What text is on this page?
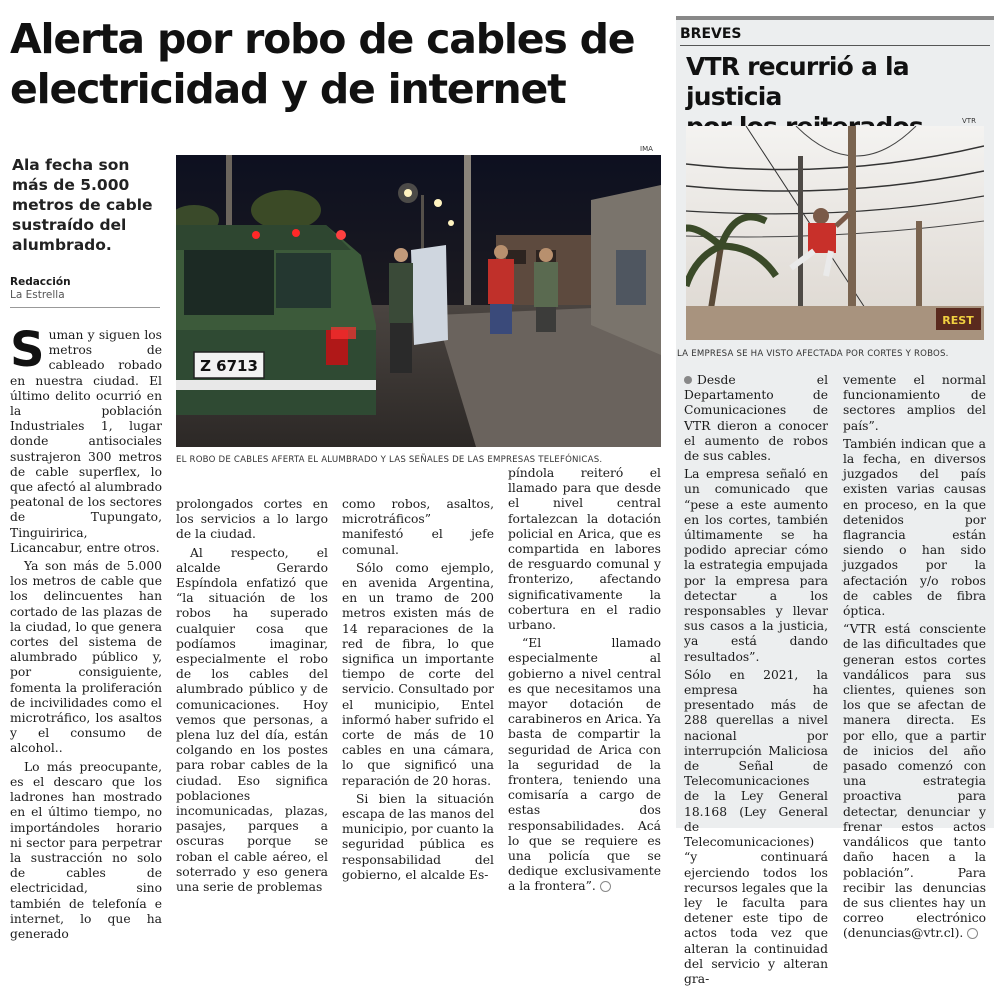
Alerta por robo de cables de
electricidad y de internet
Ala fecha son más de 5.000 metros de cable sustraído del alumbrado.
Redacción
La Estrella
IMA
Z 6713
EL ROBO DE CABLES AFERTA EL ALUMBRADO Y LAS SEÑALES DE LAS EMPRESAS TELEFÓNICAS.

Suman y siguen los metros de cableado robado en nuestra ciudad. El último delito ocurrió en la población Industriales 1, lugar donde antisociales sustrajeron 300 metros de cable superflex, lo que afectó al alumbrado peatonal de los sectores de Tupungato, Tinguiririca, Licancabur, entre otros.

Ya son más de 5.000 los metros de cable que los delincuentes han cortado de las plazas de la ciudad, lo que genera cortes del sistema de alumbrado público y, por consiguiente, fomenta la proliferación de incivilidades como el microtráfico, los asaltos y el consumo de alcohol..

Lo más preocupante, es el descaro que los ladrones han mostrado en el último tiempo, no importándoles horario ni sector para perpetrar la sustracción no solo de cables de electricidad, sino también de telefonía e internet, lo que ha generado

prolongados cortes en los servicios a lo largo de la ciudad.

Al respecto, el alcalde Gerardo Espíndola enfatizó que “la situación de los robos ha superado cualquier cosa que podíamos imaginar, especialmente el robo de los cables del alumbrado público y de comunicaciones. Hoy vemos que personas, a plena luz del día, están colgando en los postes para robar cables de la ciudad. Eso significa poblaciones incomunicadas, plazas, pasajes, parques a oscuras porque se roban el cable aéreo, el soterrado y eso genera una serie de problemas

como robos, asaltos, microtráficos” manifestó el jefe comunal.

Sólo como ejemplo, en avenida Argentina, en un tramo de 200 metros existen más de 14 reparaciones de la red de fibra, lo que significa un importante tiempo de corte del servicio. Consultado por el municipio, Entel informó haber sufrido el corte de más de 10 cables en una cámara, lo que significó una reparación de 20 horas.

Si bien la situación escapa de las manos del municipio, por cuanto la seguridad pública es responsabilidad del gobierno, el alcalde Es-

píndola reiteró el llamado para que desde el nivel central fortalezcan la dotación policial en Arica, que es compartida en labores de resguardo comunal y fronterizo, afectando significativamente la cobertura en el radio urbano.

“El llamado especialmente al gobierno a nivel central es que necesitamos una mayor dotación de carabineros en Arica. Ya basta de compartir la seguridad de Arica con la seguridad de la frontera, teniendo una comisaría a cargo de estas dos responsabilidades. Acá lo que se requiere es una policía que se dedique exclusivamente a la frontera”.

BREVES
VTR recurrió a la justicia
VTR
REST
LA EMPRESA SE HA VISTO AFECTADA POR CORTES Y ROBOS.

Desde el Departamento de Comunicaciones de VTR dieron a conocer el aumento de robos de sus cables.

La empresa señaló en un comunicado que “pese a este aumento en los cortes, también últimamente se ha podido apreciar cómo la estrategia empujada por la empresa para detectar a los responsables y llevar sus casos a la justicia, ya está dando resultados”.

Sólo en 2021, la empresa ha presentado más de 288 querellas a nivel nacional por interrupción Maliciosa de Señal de Telecomunicaciones de la Ley General 18.168 (Ley General de Telecomunicaciones) “y continuará ejerciendo todos los recursos legales que la ley le faculta para detener este tipo de actos toda vez que alteran la continuidad del servicio y alteran gra-

vemente el normal funcionamiento de sectores amplios del país”.

También indican que a la fecha, en diversos juzgados del país existen varias causas en proceso, en la que detenidos por flagrancia están siendo o han sido juzgados por la afectación y/o robos de cables de fibra óptica.

“VTR está consciente de las dificultades que generan estos cortes vandálicos para sus clientes, quienes son los que se afectan de manera directa. Es por ello, que a partir de inicios del año pasado comenzó con una estrategia proactiva para detectar, denunciar y frenar estos actos vandálicos que tanto daño hacen a la población”. Para recibir las denuncias de sus clientes hay un correo electrónico (denuncias@vtr.cl).
